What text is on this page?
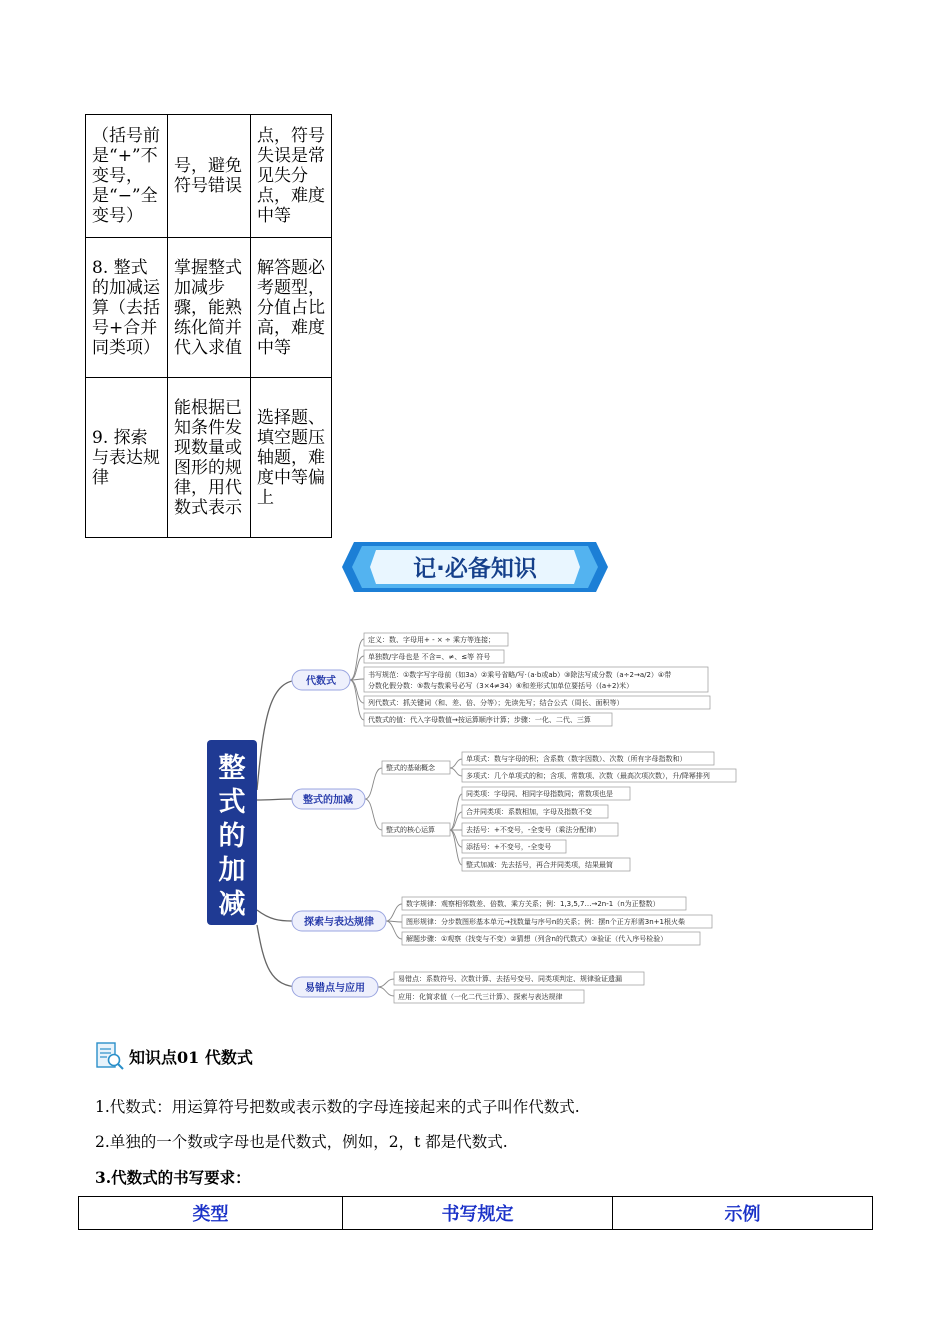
（括号前是“+”不变号，是“−”全变号）	号，避免符号错误	点，符号失误是常见失分点，难度中等
8. 整式的加减运算（去括号+合并同类项）	掌握整式加减步骤，能熟练化简并代入求值	解答题必考题型，分值占比高，难度中等
9. 探索与表达规律	能根据已知条件发现数量或图形的规律，用代数式表示	选择题、填空题压轴题，难度中等偏上
记·必备知识
整式的加减
代数式
定义：数、字母用+ - × ÷ 乘方等连接；
单独数/字母也是 不含=、≠、≤等 符号
书写规范：①数字写字母前（如3a）②乘号省略/写·（a·b或ab）③除法写成分数（a÷2→a/2）④带
分数化假分数：⑤数与数乘号必写（3×4≠34）⑥和差形式加单位要括号（(a+2)米）
列代数式：抓关键词（和、差、倍、分等）；先读先写；结合公式（周长、面积等）
代数式的值：代入字母数值→按运算顺序计算；步骤：一化、二代、三算
整式的加减
整式的基础概念
整式的核心运算
单项式：数与字母的积；含系数（数字因数）、次数（所有字母指数和）
多项式：几个单项式的和；含项、常数项、次数（最高次项次数），升/降幂排列
同类项：字母同、相同字母指数同；常数项也是
合并同类项：系数相加，字母及指数不变
去括号：+不变号，-全变号（乘法分配律）
添括号：+不变号，-全变号
整式加减：先去括号，再合并同类项，结果最简
探索与表达规律
数字规律：观察相邻数差、倍数、乘方关系；例：1,3,5,7…→2n-1（n为正整数）
图形规律：分步数图形基本单元→找数量与序号n的关系；例：摆n个正方形需3n+1根火柴
解题步骤：①观察（找变与不变）②猜想（列含n的代数式）③验证（代入序号检验）
易错点与应用
易错点：系数符号、次数计算、去括号变号、同类项判定、规律验证遗漏
应用：化简求值（一化二代三计算）、探索与表达规律
知识点01 代数式
1.代数式：用运算符号把数或表示数的字母连接起来的式子叫作代数式.
2.单独的一个数或字母也是代数式，例如，2，t 都是代数式.
3.代数式的书写要求：
类型	书写规定	示例
